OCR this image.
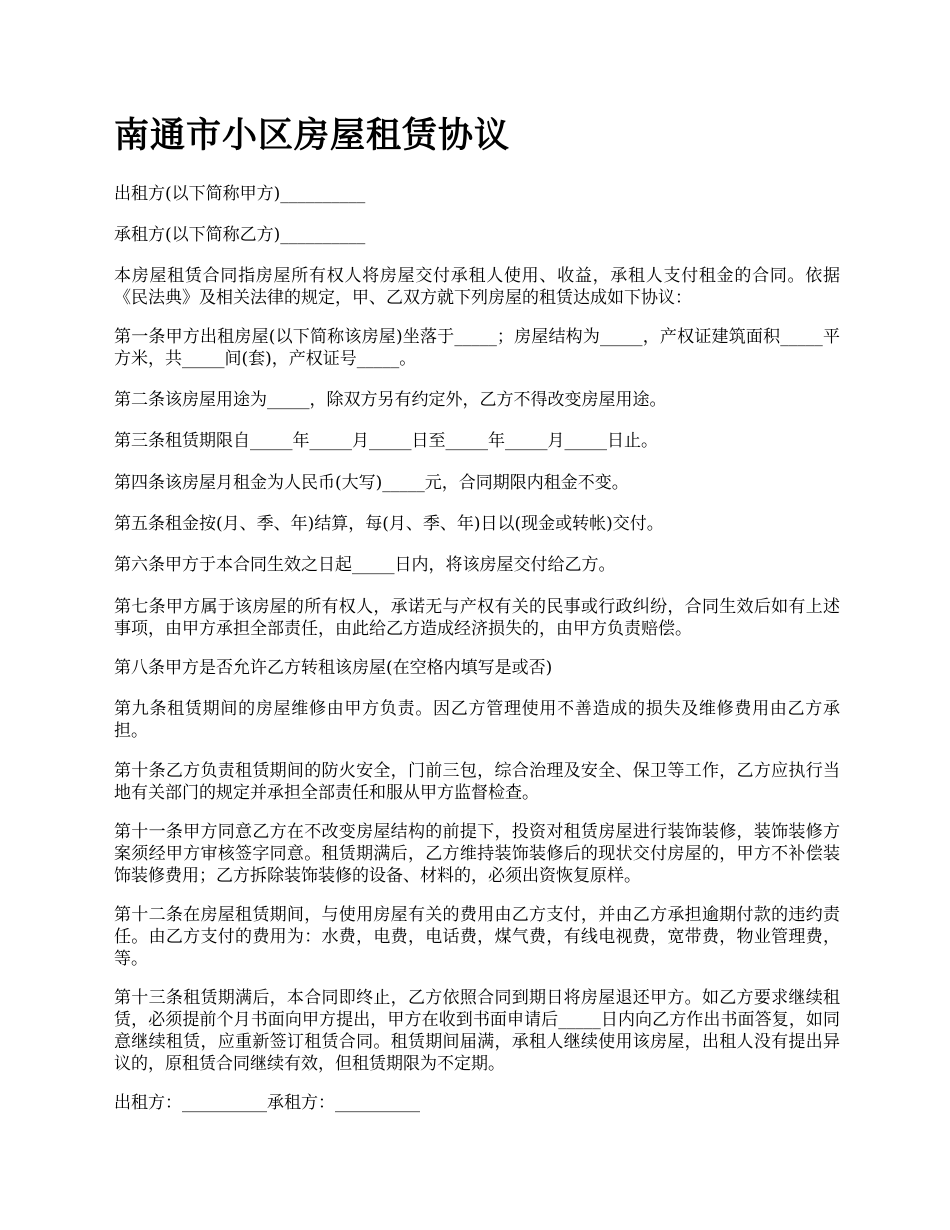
南通市小区房屋租赁协议

出租方(以下简称甲方)__________

承租方(以下简称乙方)__________

本房屋租赁合同指房屋所有权人将房屋交付承租人使用、收益，承租人支付租金的合同。依据《民法典》及相关法律的规定，甲、乙双方就下列房屋的租赁达成如下协议：

第一条甲方出租房屋(以下简称该房屋)坐落于_____；房屋结构为_____，产权证建筑面积_____平方米，共_____间(套)，产权证号_____。

第二条该房屋用途为_____，除双方另有约定外，乙方不得改变房屋用途。

第三条租赁期限自_____年_____月_____日至_____年_____月_____日止。

第四条该房屋月租金为人民币(大写)_____元，合同期限内租金不变。

第五条租金按(月、季、年)结算，每(月、季、年)日以(现金或转帐)交付。

第六条甲方于本合同生效之日起_____日内，将该房屋交付给乙方。

第七条甲方属于该房屋的所有权人，承诺无与产权有关的民事或行政纠纷，合同生效后如有上述事项，由甲方承担全部责任，由此给乙方造成经济损失的，由甲方负责赔偿。

第八条甲方是否允许乙方转租该房屋(在空格内填写是或否)

第九条租赁期间的房屋维修由甲方负责。因乙方管理使用不善造成的损失及维修费用由乙方承担。

第十条乙方负责租赁期间的防火安全，门前三包，综合治理及安全、保卫等工作，乙方应执行当地有关部门的规定并承担全部责任和服从甲方监督检查。

第十一条甲方同意乙方在不改变房屋结构的前提下，投资对租赁房屋进行装饰装修，装饰装修方案须经甲方审核签字同意。租赁期满后，乙方维持装饰装修后的现状交付房屋的，甲方不补偿装饰装修费用；乙方拆除装饰装修的设备、材料的，必须出资恢复原样。

第十二条在房屋租赁期间，与使用房屋有关的费用由乙方支付，并由乙方承担逾期付款的违约责任。由乙方支付的费用为：水费，电费，电话费，煤气费，有线电视费，宽带费，物业管理费，等。

第十三条租赁期满后，本合同即终止，乙方依照合同到期日将房屋退还甲方。如乙方要求继续租赁，必须提前个月书面向甲方提出，甲方在收到书面申请后_____日内向乙方作出书面答复，如同意继续租赁，应重新签订租赁合同。租赁期间届满，承租人继续使用该房屋，出租人没有提出异议的，原租赁合同继续有效，但租赁期限为不定期。

出租方：__________承租方：__________
